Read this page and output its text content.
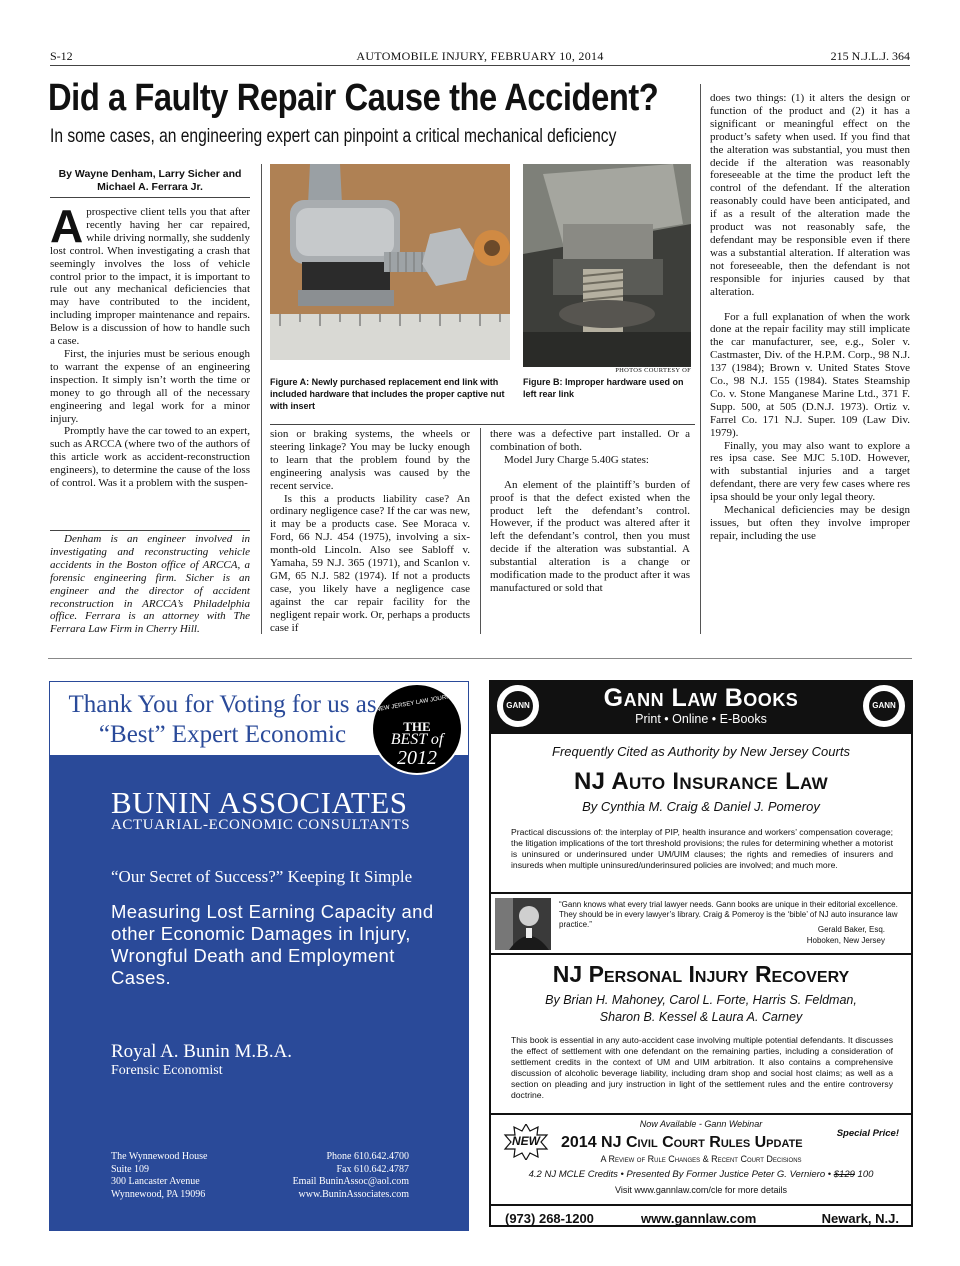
S-12	AUTOMOBILE INJURY, FEBRUARY 10, 2014	215 N.J.L.J. 364
Did a Faulty Repair Cause the Accident?
In some cases, an engineering expert can pinpoint a critical mechanical deficiency
By Wayne Denham, Larry Sicher and Michael A. Ferrara Jr.

Aprospective client tells you that after recently having her car repaired, while driving normally, she suddenly lost control. When investigating a crash that seemingly involves the loss of vehicle control prior to the impact, it is important to rule out any mechanical deficiencies that may have contributed to the incident, including improper maintenance and repairs. Below is a discussion of how to handle such a case.

First, the injuries must be serious enough to warrant the expense of an engineering inspection. It simply isn’t worth the time or money to go through all of the necessary engineering and legal work for a minor injury.

Promptly have the car towed to an expert, such as ARCCA (where two of the authors of this article work as accident-reconstruction engineers), to determine the cause of the loss of control. Was it a problem with the suspen-

Denham is an engineer involved in investigating and reconstructing vehicle accidents in the Boston office of ARCCA, a forensic engineering firm. Sicher is an engineer and the director of accident reconstruction in ARCCA’s Philadelphia office. Ferrara is an attorney with The Ferrara Law Firm in Cherry Hill.

PHOTOS COURTESY OF
Figure A: Newly purchased replacement end link with included hardware that includes the proper captive nut with insert
Figure B: Improper hardware used on left rear link

sion or braking systems, the wheels or steering linkage? You may be lucky enough to learn that the problem found by the engineering analysis was caused by the recent service.

Is this a products liability case? An ordinary negligence case? If the car was new, it may be a products case. See Moraca v. Ford, 66 N.J. 454 (1975), involving a six-month-old Lincoln. Also see Sabloff v. Yamaha, 59 N.J. 365 (1971), and Scanlon v. GM, 65 N.J. 582 (1974). If not a products case, you likely have a negligence case against the car repair facility for the negligent repair work. Or, perhaps a products case if

there was a defective part installed. Or a combination of both.

Model Jury Charge 5.40G states:

An element of the plaintiff’s burden of proof is that the defect existed when the product left the defendant’s control. However, if the product was altered after it left the defendant’s control, then you must decide if the alteration was substantial. A substantial alteration is a change or modification made to the product after it was manufactured or sold that

does two things: (1) it alters the design or function of the product and (2) it has a significant or meaningful effect on the product’s safety when used. If you find that the alteration was substantial, you must then decide if the alteration was reasonably foreseeable at the time the product left the control of the defendant. If the alteration reasonably could have been anticipated, and if as a result of the alteration made the product was not reasonably safe, the defendant may be responsible even if there was a substantial alteration. If alteration was not foreseeable, then the defendant is not responsible for injuries caused by that alteration.

For a full explanation of when the work done at the repair facility may still implicate the car manufacturer, see, e.g., Soler v. Castmaster, Div. of the H.P.M. Corp., 98 N.J. 137 (1984); Brown v. United States Stove Co., 98 N.J. 155 (1984). States Steamship Co. v. Stone Manganese Marine Ltd., 371 F. Supp. 500, at 505 (D.N.J. 1973). Ortiz v. Farrel Co. 171 N.J. Super. 109 (Law Div. 1979).

Finally, you may also want to explore a res ipsa case. See MJC 5.10D. However, with substantial injuries and a target defendant, there are very few cases where res ipsa should be your only legal theory.

Mechanical deficiencies may be design issues, but often they involve improper repair, including the use

Thank You for Voting for us as
“Best” Expert Economic
NEW JERSEY LAW JOURNAL
THE
BEST of
2012
BUNIN ASSOCIATES
ACTUARIAL-ECONOMIC CONSULTANTS
“Our Secret of Success?” Keeping It Simple
Measuring Lost Earning Capacity and other Economic Damages in Injury, Wrongful Death and Employment Cases.
Royal A. Bunin M.B.A.
Forensic Economist
The Wynnewood House
Suite 109
300 Lancaster Avenue
Wynnewood, PA 19096
Phone 610.642.4700
Fax 610.642.4787
Email BuninAssoc@aol.com
www.BuninAssociates.com
Gann Law Books
Print • Online • E-Books
GANN	GANN
Frequently Cited as Authority by New Jersey Courts
NJ Auto Insurance Law
By Cynthia M. Craig & Daniel J. Pomeroy
Practical discussions of: the interplay of PIP, health insurance and workers’ compensation coverage; the litigation implications of the tort threshold provisions; the rules for determining whether a motorist is uninsured or underinsured under UM/UIM clauses; the rights and remedies of insurers and insureds when multiple uninsured/underinsured policies are involved; and much more.
“Gann knows what every trial lawyer needs. Gann books are unique in their editorial excellence. They should be in every lawyer’s library. Craig & Pomeroy is the ‘bible’ of NJ auto insurance law practice.”
Gerald Baker, Esq.
Hoboken, New Jersey
NJ Personal Injury Recovery
By Brian H. Mahoney, Carol L. Forte, Harris S. Feldman,
Sharon B. Kessel & Laura A. Carney
This book is essential in any auto-accident case involving multiple potential defendants. It discusses the effect of settlement with one defendant on the remaining parties, including a consideration of settlement credits in the context of UM and UIM arbitration. It also contains a comprehensive discussion of alcoholic beverage liability, including dram shop and social host claims; as well as a section on pleading and jury instruction in light of the settlement rules and the entire controversy doctrine.
Now Available - Gann Webinar
Special Price!
NEW	2014 NJ Civil Court Rules Update
A Review of Rule Changes & Recent Court Decisions
4.2 NJ MCLE Credits • Presented By Former Justice Peter G. Verniero • $129 100
Visit www.gannlaw.com/cle for more details
(973) 268-1200	www.gannlaw.com	Newark, N.J.
